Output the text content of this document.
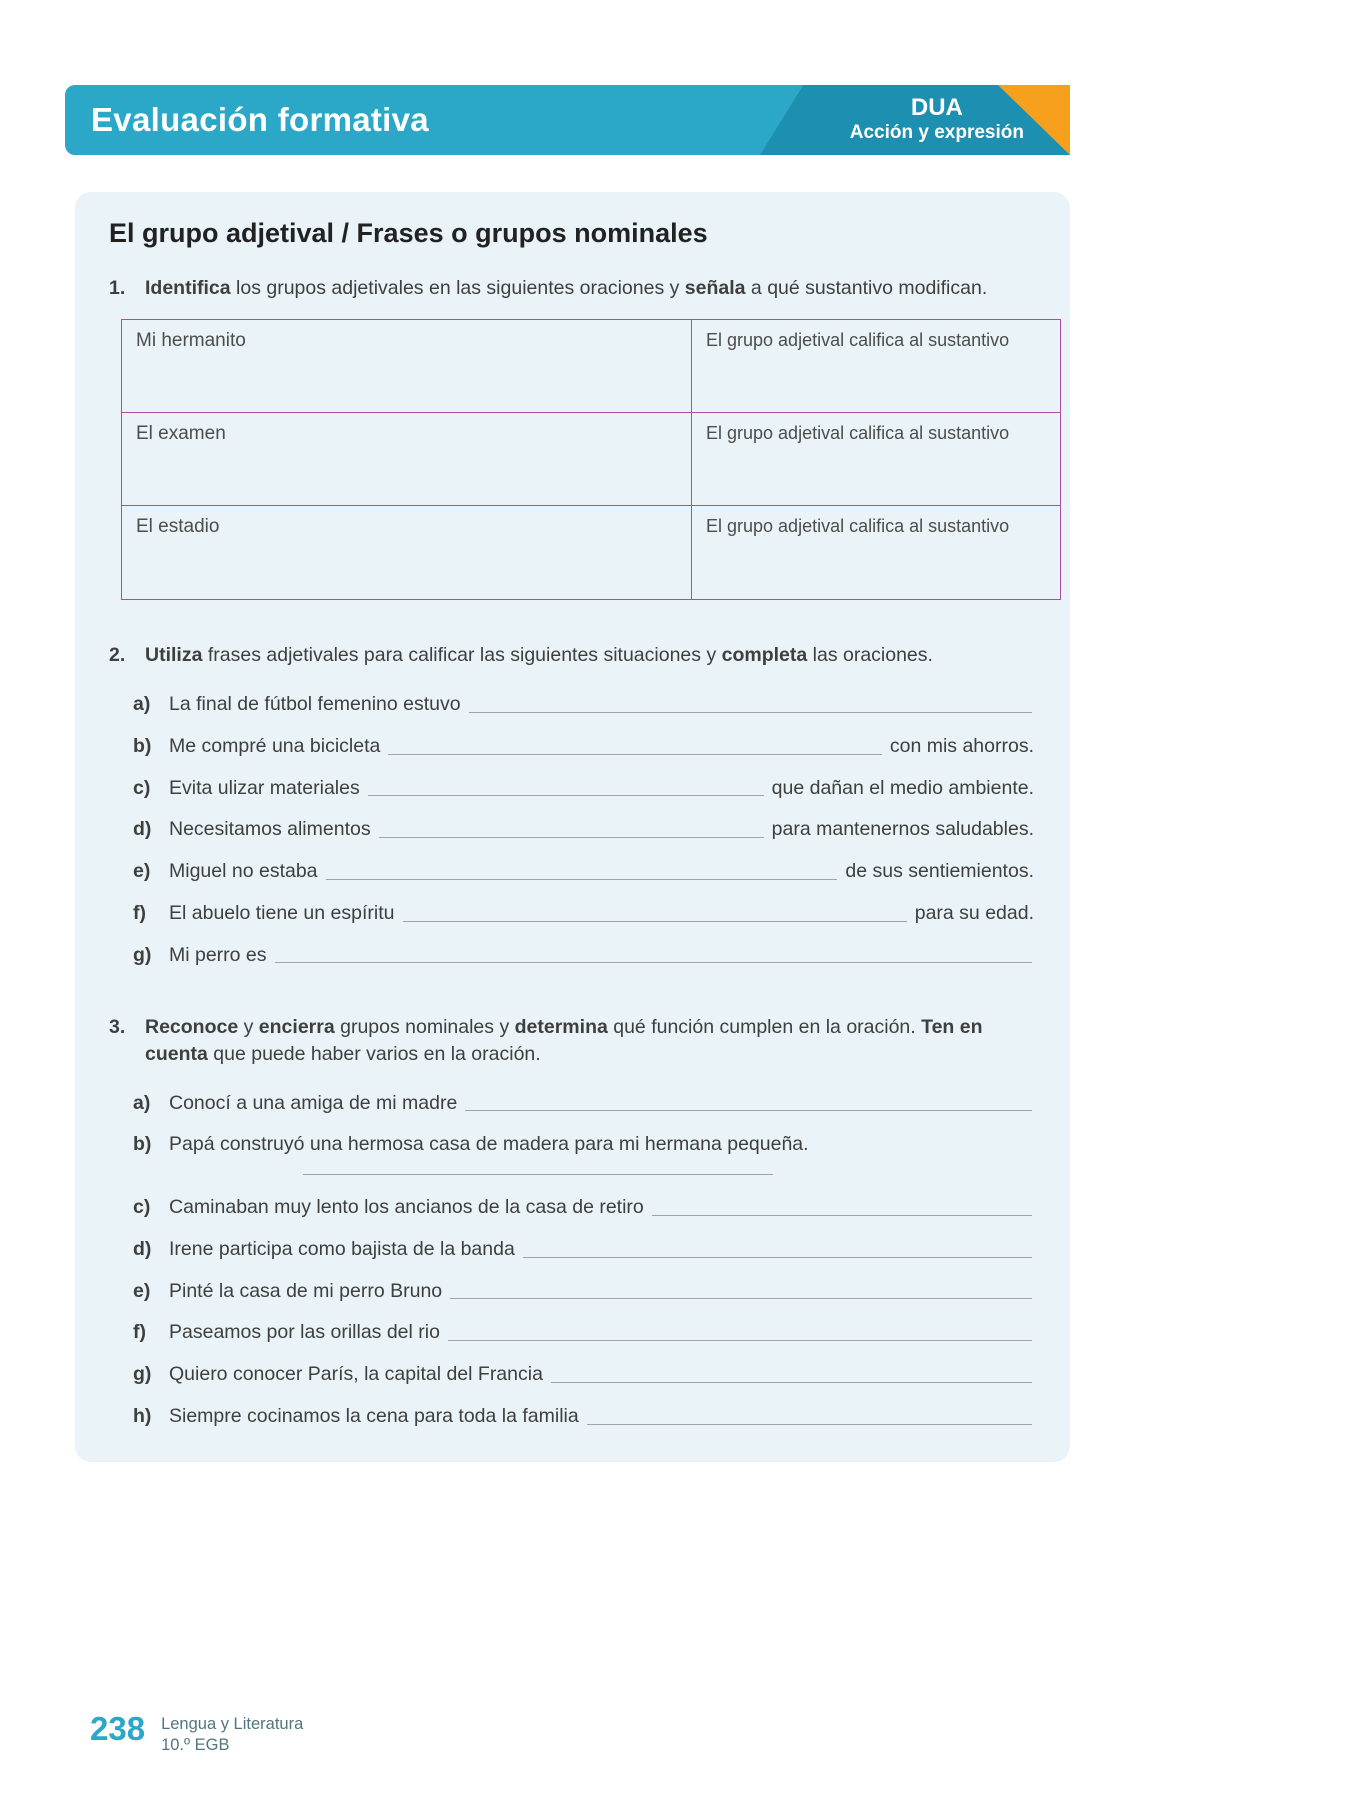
Evaluación formativa	DUA
Acción y expresión
El grupo adjetival / Frases o grupos nominales
1.	Identifica los grupos adjetivales en las siguientes oraciones y señala a qué sustantivo modifican.
Mi hermanito	El grupo adjetival califica al sustantivo
El examen	El grupo adjetival califica al sustantivo
El estadio	El grupo adjetival califica al sustantivo
2.	Utiliza frases adjetivales para calificar las siguientes situaciones y completa las oraciones.
a) La final de fútbol femenino estuvo
b) Me compré una bicicleta	con mis ahorros.
c) Evita ulizar materiales	que dañan el medio ambiente.
d) Necesitamos alimentos	para mantenernos saludables.
e) Miguel no estaba	de sus sentiemientos.
f)	El abuelo tiene un espíritu	para su edad.
g) Mi perro es
3.	Reconoce y encierra grupos nominales y determina qué función cumplen en la oración. Ten en cuenta que puede haber varios en la oración.
a) Conocí a una amiga de mi madre
b) Papá construyó una hermosa casa de madera para mi hermana pequeña.
c) Caminaban muy lento los ancianos de la casa de retiro
d) Irene participa como bajista de la banda
e) Pinté la casa de mi perro Bruno
f)	Paseamos por las orillas del rio
g) Quiero conocer París, la capital del Francia
h) Siempre cocinamos la cena para toda la familia
238 Lengua y Literatura
10.º EGB
